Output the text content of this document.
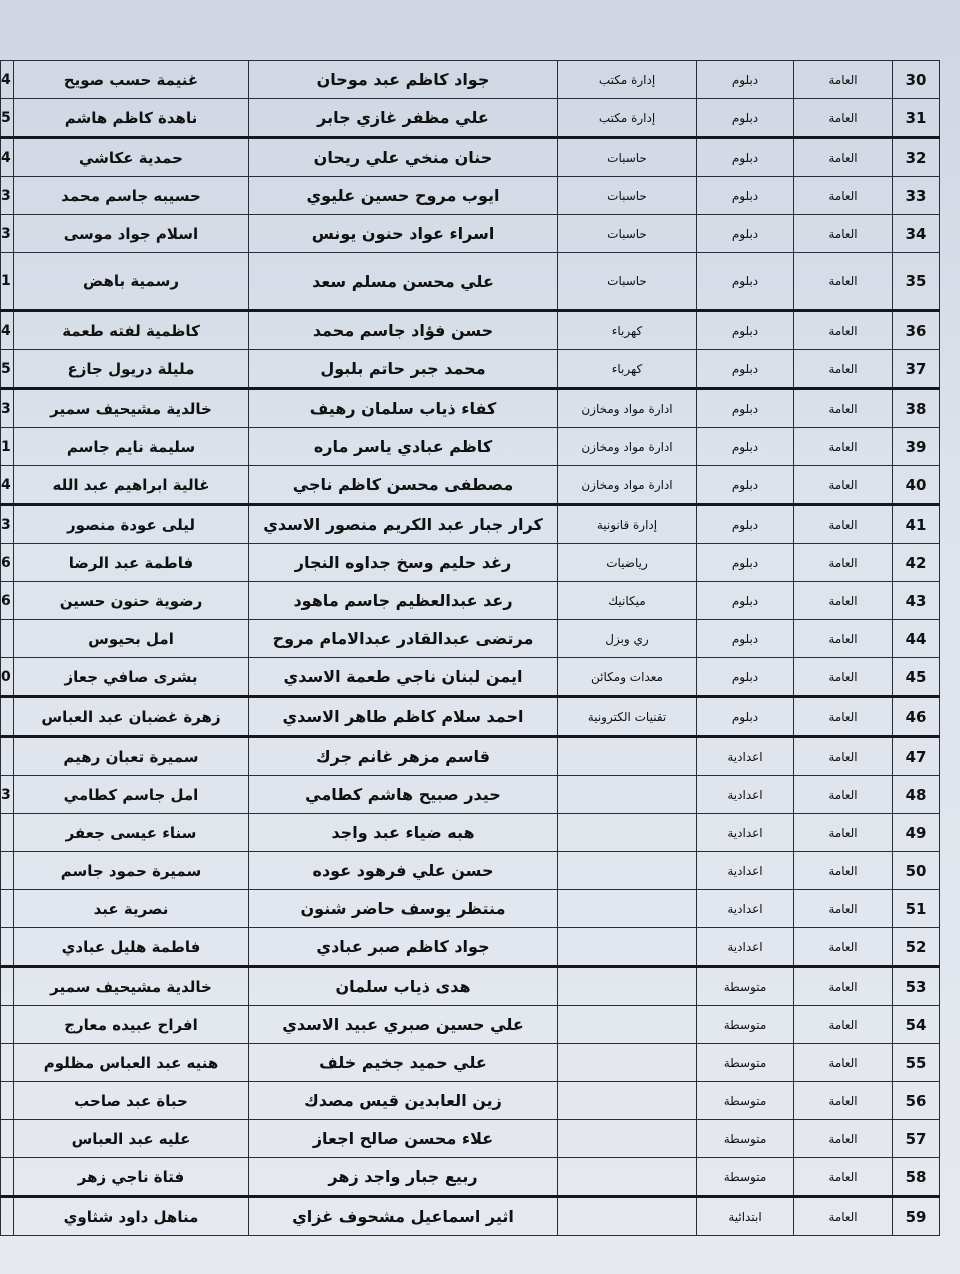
30	العامة	دبلوم	إدارة مكتب	جواد كاظم عبد موحان	غنيمة حسب صويح	4
31	العامة	دبلوم	إدارة مكتب	علي مظفر غازي جابر	ناهدة كاظم هاشم	5
32	العامة	دبلوم	حاسبات	حنان منخي علي ريحان	حمدية عكاشي	4
33	العامة	دبلوم	حاسبات	ايوب مروح حسين عليوي	حسيبه جاسم محمد	3
34	العامة	دبلوم	حاسبات	اسراء عواد حنون يونس	اسلام جواد موسى	3
35	العامة	دبلوم	حاسبات	علي محسن مسلم سعد	رسمية باهض	1
36	العامة	دبلوم	كهرباء	حسن فؤاد جاسم محمد	كاظمية لفته طعمة	4
37	العامة	دبلوم	كهرباء	محمد جبر حاتم بلبول	مليلة دريول جازع	5
38	العامة	دبلوم	ادارة مواد ومخازن	كفاء ذياب سلمان رهيف	خالدية مشيحيف سمير	3
39	العامة	دبلوم	ادارة مواد ومخازن	كاظم عبادي ياسر ماره	سليمة نايم جاسم	1
40	العامة	دبلوم	ادارة مواد ومخازن	مصطفى محسن كاظم ناجي	غالية ابراهيم عبد الله	4
41	العامة	دبلوم	إدارة قانونية	كرار جبار عبد الكريم منصور الاسدي	ليلى عودة منصور	3
42	العامة	دبلوم	رياضيات	رغد حليم وسخ جداوه النجار	فاطمة عبد الرضا	6
43	العامة	دبلوم	ميكانيك	رعد عبدالعظيم جاسم ماهود	رضوية حنون حسين	6
44	العامة	دبلوم	ري وبزل	مرتضى عبدالقادر عبدالامام مروح	امل بحيوس	
45	العامة	دبلوم	معدات ومكائن	ايمن لبنان ناجي طعمة الاسدي	بشرى صافي جعاز	0
46	العامة	دبلوم	تقنيات الكترونية	احمد سلام كاظم طاهر الاسدي	زهرة غضبان عبد العباس	
47	العامة	اعدادية		قاسم مزهر غانم جرك	سميرة تعبان رهيم	
48	العامة	اعدادية		حيدر صبيح هاشم كطامي	امل جاسم كطامي	3
49	العامة	اعدادية		هبه ضياء عبد واجد	سناء عيسى جعفر	
50	العامة	اعدادية		حسن علي فرهود عوده	سميرة حمود جاسم	
51	العامة	اعدادية		منتظر يوسف حاضر شنون	نصرية عبد	
52	العامة	اعدادية		جواد كاظم صبر عبادي	فاطمة هليل عبادي	
53	العامة	متوسطة		هدى ذياب سلمان	خالدية مشيحيف سمير	
54	العامة	متوسطة		علي حسين صبري عبيد الاسدي	افراح عبيده معارج	
55	العامة	متوسطة		علي حميد جخيم خلف	هنيه عبد العباس مظلوم	
56	العامة	متوسطة		زين العابدين قيس مصدك	حباة عبد صاحب	
57	العامة	متوسطة		علاء محسن صالح اجعاز	عليه عبد العباس	
58	العامة	متوسطة		ربيع جبار واجد زهر	فتاة ناجي زهر	
59	العامة	ابتدائية		اثير اسماعيل مشحوف غزاي	مناهل داود شثاوي	
